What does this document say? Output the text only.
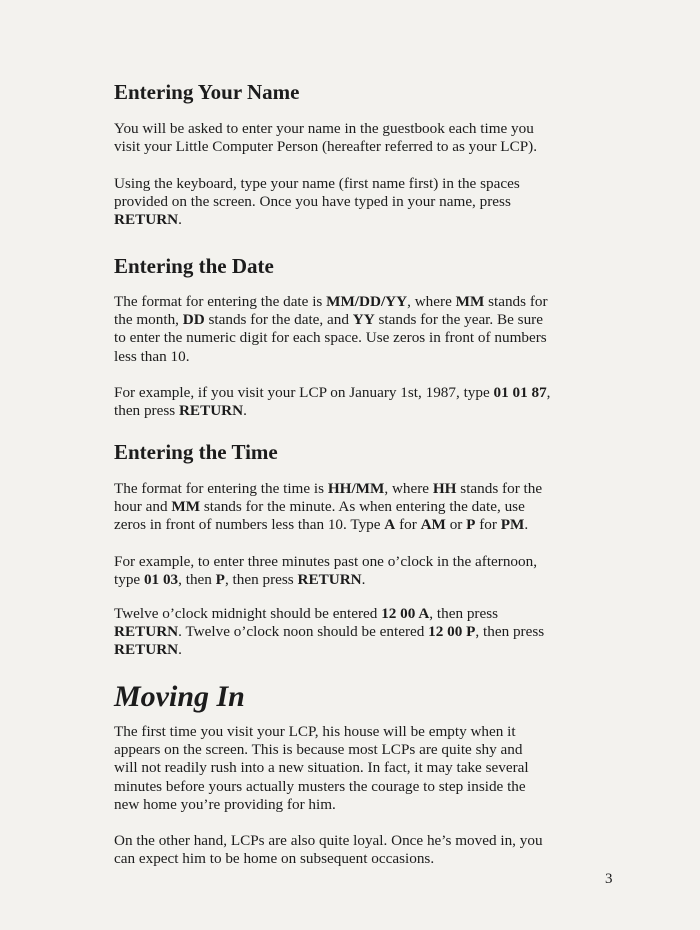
Entering Your Name
You will be asked to enter your name in the guestbook each time you
visit your Little Computer Person (hereafter referred to as your LCP).
Using the keyboard, type your name (first name first) in the spaces
provided on the screen. Once you have typed in your name, press
RETURN.
Entering the Date
The format for entering the date is MM/DD/YY, where MM stands for
the month, DD stands for the date, and YY stands for the year. Be sure
to enter the numeric digit for each space. Use zeros in front of numbers
less than 10.
For example, if you visit your LCP on January 1st, 1987, type 01 01 87,
then press RETURN.
Entering the Time
The format for entering the time is HH/MM, where HH stands for the
hour and MM stands for the minute. As when entering the date, use
zeros in front of numbers less than 10. Type A for AM or P for PM.
For example, to enter three minutes past one o’clock in the afternoon,
type 01 03, then P, then press RETURN.
Twelve o’clock midnight should be entered 12 00 A, then press
RETURN. Twelve o’clock noon should be entered 12 00 P, then press
RETURN.
Moving In
The first time you visit your LCP, his house will be empty when it
appears on the screen. This is because most LCPs are quite shy and
will not readily rush into a new situation. In fact, it may take several
minutes before yours actually musters the courage to step inside the
new home you’re providing for him.
On the other hand, LCPs are also quite loyal. Once he’s moved in, you
can expect him to be home on subsequent occasions.
3
